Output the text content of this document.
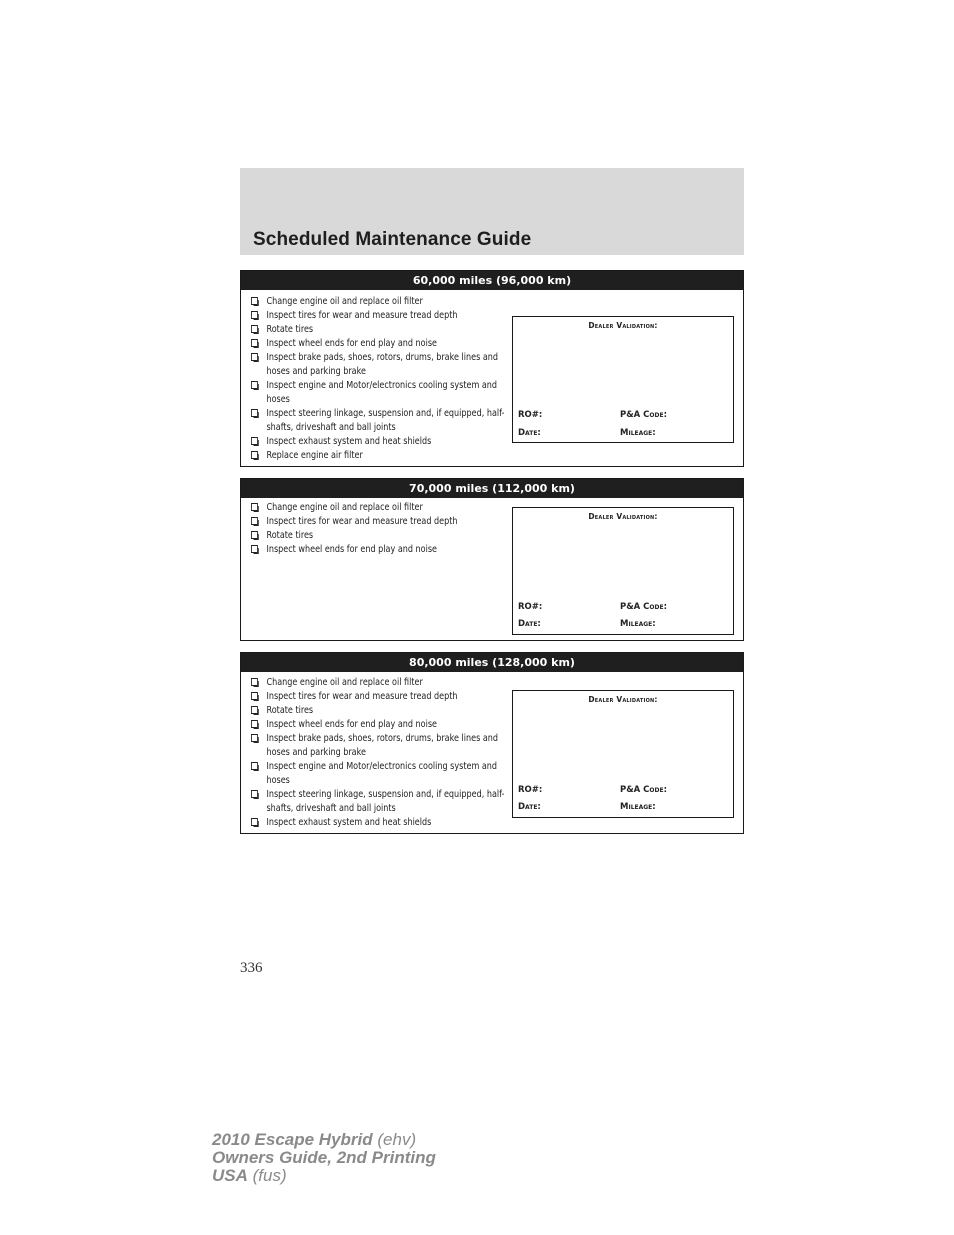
Scheduled Maintenance Guide
60,000 miles (96,000 km)
Change engine oil and replace oil filter
Inspect tires for wear and measure tread depth
Rotate tires
Inspect wheel ends for end play and noise
Inspect brake pads, shoes, rotors, drums, brake lines and hoses and parking brake
Inspect engine and Motor/electronics cooling system and hoses
Inspect steering linkage, suspension and, if equipped, half-shafts, driveshaft and ball joints
Inspect exhaust system and heat shields
Replace engine air filter
Dealer Validation:
RO#:	P&A Code:
Date:	Mileage:
70,000 miles (112,000 km)
Change engine oil and replace oil filter
Inspect tires for wear and measure tread depth
Rotate tires
Inspect wheel ends for end play and noise
Dealer Validation:
RO#:	P&A Code:
Date:	Mileage:
80,000 miles (128,000 km)
Change engine oil and replace oil filter
Inspect tires for wear and measure tread depth
Rotate tires
Inspect wheel ends for end play and noise
Inspect brake pads, shoes, rotors, drums, brake lines and hoses and parking brake
Inspect engine and Motor/electronics cooling system and hoses
Inspect steering linkage, suspension and, if equipped, half-shafts, driveshaft and ball joints
Inspect exhaust system and heat shields
Dealer Validation:
RO#:	P&A Code:
Date:	Mileage:
336
2010 Escape Hybrid (ehv)
Owners Guide, 2nd Printing
USA (fus)
